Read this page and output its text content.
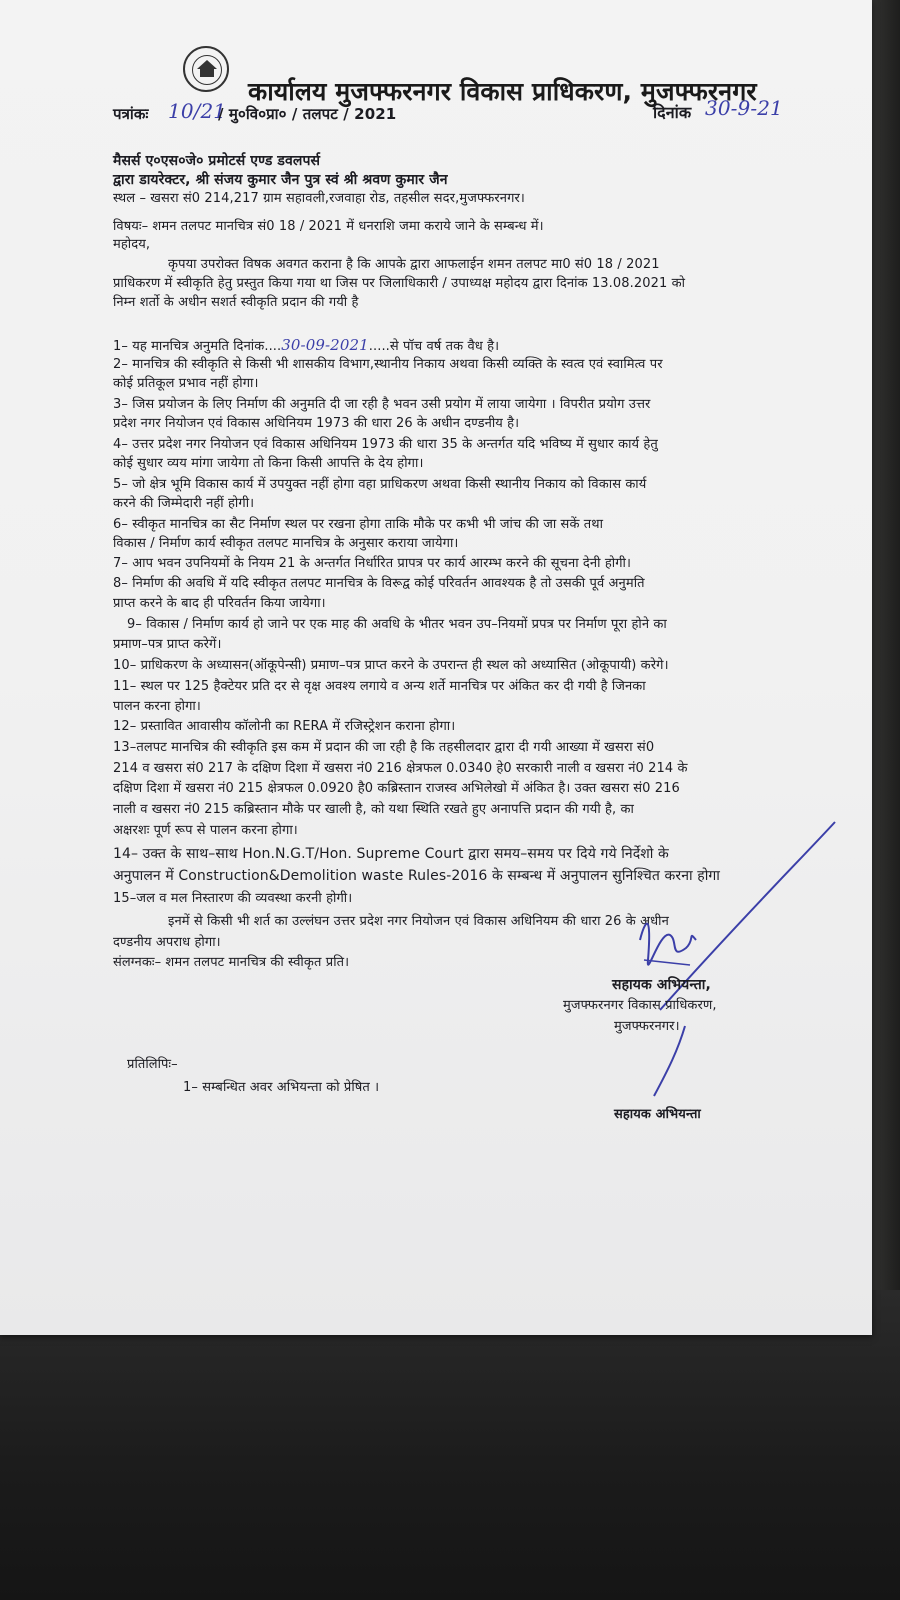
कार्यालय मुजफ्फरनगर विकास प्राधिकरण, मुजफ्फरनगर
पत्रांकः 10/21
/ मु०वि०प्रा० / तलपट / 2021	दिनांक 30-9-21
मैसर्स ए०एस०जे० प्रमोटर्स एण्ड डवलपर्स
द्वारा डायरेक्टर, श्री संजय कुमार जैन पुत्र स्वं श्री श्रवण कुमार जैन
स्थल – खसरा सं0 214,217 ग्राम सहावली,रजवाहा रोड, तहसील सदर,मुजफ्फरनगर।
विषयः– शमन तलपट मानचित्र सं0 18 / 2021 में धनराशि जमा कराये जाने के सम्बन्ध में।
महोदय,
कृपया उपरोक्त विषक अवगत कराना है कि आपके द्वारा आफलाईन शमन तलपट मा0 सं0 18 / 2021
प्राधिकरण में स्वीकृति हेतु प्रस्तुत किया गया था जिस पर जिलाधिकारी / उपाध्यक्ष महोदय द्वारा दिनांक 13.08.2021 को
निम्न शर्तो के अधीन सशर्त स्वीकृति प्रदान की गयी है
1– यह मानचित्र अनुमति दिनांक....30-09-2021.....से पॉच वर्ष तक वैध है।
2– मानचित्र की स्वीकृति से किसी भी शासकीय विभाग,स्थानीय निकाय अथवा किसी व्यक्ति के स्वत्व एवं स्वामित्व पर
कोई प्रतिकूल प्रभाव नहीं होगा।
3– जिस प्रयोजन के लिए निर्माण की अनुमति दी जा रही है भवन उसी प्रयोग में लाया जायेगा । विपरीत प्रयोग उत्तर
प्रदेश नगर नियोजन एवं विकास अधिनियम 1973 की धारा 26 के अधीन दण्डनीय है।
4– उत्तर प्रदेश नगर नियोजन एवं विकास अधिनियम 1973 की धारा 35 के अन्तर्गत यदि भविष्य में सुधार कार्य हेतु
कोई सुधार व्यय मांगा जायेगा तो किना किसी आपत्ति के देय होगा।
5– जो क्षेत्र भूमि विकास कार्य में उपयुक्त नहीं होगा वहा प्राधिकरण अथवा किसी स्थानीय निकाय को विकास कार्य
करने की जिम्मेदारी नहीं होगी।
6– स्वीकृत मानचित्र का सैट निर्माण स्थल पर रखना होगा ताकि मौके पर कभी भी जांच की जा सकें तथा
विकास / निर्माण कार्य स्वीकृत तलपट मानचित्र के अनुसार कराया जायेगा।
7– आप भवन उपनियमों के नियम 21 के अन्तर्गत निर्धारित प्रापत्र पर कार्य आरम्भ करने की सूचना देनी होगी।
8– निर्माण की अवधि में यदि स्वीकृत तलपट मानचित्र के विरूद्व कोई परिवर्तन आवश्यक है तो उसकी पूर्व अनुमति
प्राप्त करने के बाद ही परिवर्तन किया जायेगा।
9– विकास / निर्माण कार्य हो जाने पर एक माह की अवधि के भीतर भवन उप–नियमों प्रपत्र पर निर्माण पूरा होने का
प्रमाण–पत्र प्राप्त करेगें।
10– प्राधिकरण के अध्यासन(ऑकूपेन्सी) प्रमाण–पत्र प्राप्त करने के उपरान्त ही स्थल को अध्यासित (ओकूपायी) करेगे।
11– स्थल पर 125 हैक्टेयर प्रति दर से वृक्ष अवश्य लगाये व अन्य शर्ते मानचित्र पर अंकित कर दी गयी है जिनका
पालन करना होगा।
12– प्रस्तावित आवासीय कॉलोनी का RERA में रजिस्ट्रेशन कराना होगा।
13–तलपट मानचित्र की स्वीकृति इस कम में प्रदान की जा रही है कि तहसीलदार द्वारा दी गयी आख्या में खसरा सं0
214 व खसरा सं0 217 के दक्षिण दिशा में खसरा नं0 216 क्षेत्रफल 0.0340 हे0 सरकारी नाली व खसरा नं0 214 के
दक्षिण दिशा में खसरा नं0 215 क्षेत्रफल 0.0920 है0 कब्रिस्तान राजस्व अभिलेखो में अंकित है। उक्त खसरा सं0 216
नाली व खसरा नं0 215 कब्रिस्तान मौके पर खाली है, को यथा स्थिति रखते हुए अनापत्ति प्रदान की गयी है, का
अक्षरशः पूर्ण रूप से पालन करना होगा।
14– उक्त के साथ–साथ Hon.N.G.T/Hon. Supreme Court द्वारा समय–समय पर दिये गये निर्देशो के
अनुपालन में Construction&Demolition waste Rules-2016 के सम्बन्ध में अनुपालन सुनिश्चित करना होगा
15–जल व मल निस्तारण की व्यवस्था करनी होगी।
इनमें से किसी भी शर्त का उल्लंघन उत्तर प्रदेश नगर नियोजन एवं विकास अधिनियम की धारा 26 के अधीन
दण्डनीय अपराध होगा।
संलग्नकः– शमन तलपट मानचित्र की स्वीकृत प्रति।
सहायक अभियन्ता,
मुजफ्फरनगर विकास प्राधिकरण,
मुजफ्फरनगर।
प्रतिलिपिः–
1– सम्बन्धित अवर अभियन्ता को प्रेषित ।
सहायक अभियन्ता
